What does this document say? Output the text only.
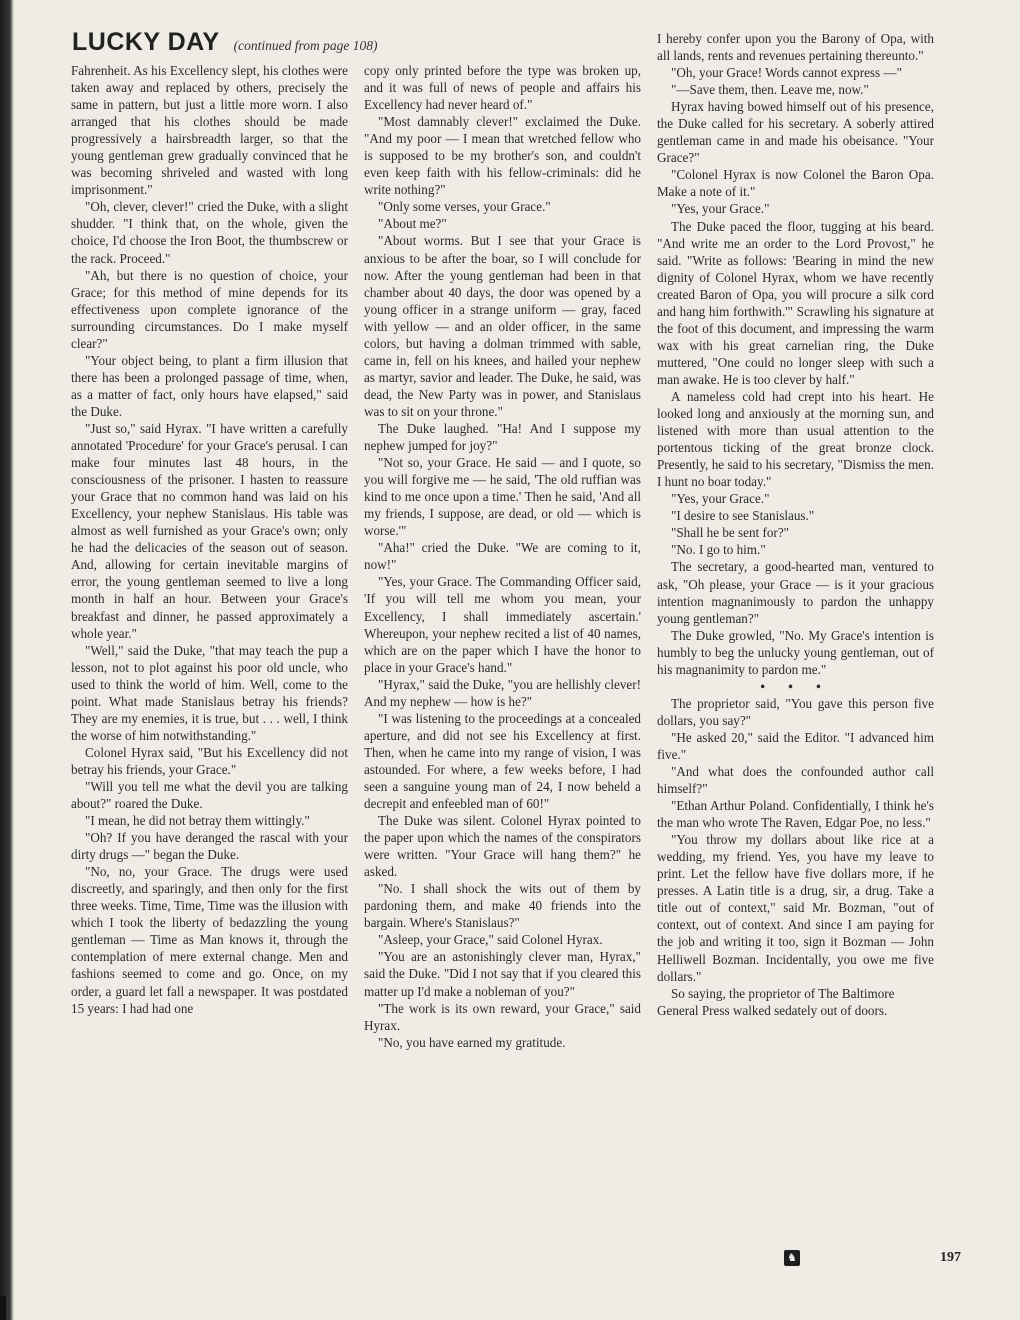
LUCKY DAY (continued from page 108)

Fahrenheit. As his Excellency slept, his clothes were taken away and replaced by others, precisely the same in pattern, but just a little more worn. I also arranged that his clothes should be made progressively a hairsbreadth larger, so that the young gentleman grew gradually convinced that he was becoming shriveled and wasted with long imprisonment."

"Oh, clever, clever!" cried the Duke, with a slight shudder. "I think that, on the whole, given the choice, I'd choose the Iron Boot, the thumbscrew or the rack. Proceed."

"Ah, but there is no question of choice, your Grace; for this method of mine depends for its effectiveness upon complete ignorance of the surrounding circumstances. Do I make myself clear?"

"Your object being, to plant a firm illusion that there has been a prolonged passage of time, when, as a matter of fact, only hours have elapsed," said the Duke.

"Just so," said Hyrax. "I have written a carefully annotated 'Procedure' for your Grace's perusal. I can make four minutes last 48 hours, in the consciousness of the prisoner. I hasten to reassure your Grace that no common hand was laid on his Excellency, your nephew Stanislaus. His table was almost as well furnished as your Grace's own; only he had the delicacies of the season out of season. And, allowing for certain inevitable margins of error, the young gentleman seemed to live a long month in half an hour. Between your Grace's breakfast and dinner, he passed approximately a whole year."

"Well," said the Duke, "that may teach the pup a lesson, not to plot against his poor old uncle, who used to think the world of him. Well, come to the point. What made Stanislaus betray his friends? They are my enemies, it is true, but . . . well, I think the worse of him notwithstanding."

Colonel Hyrax said, "But his Excellency did not betray his friends, your Grace."

"Will you tell me what the devil you are talking about?" roared the Duke.

"I mean, he did not betray them wittingly."

"Oh? If you have deranged the rascal with your dirty drugs —" began the Duke.

"No, no, your Grace. The drugs were used discreetly, and sparingly, and then only for the first three weeks. Time, Time, Time was the illusion with which I took the liberty of bedazzling the young gentleman — Time as Man knows it, through the contemplation of mere external change. Men and fashions seemed to come and go. Once, on my order, a guard let fall a newspaper. It was postdated 15 years: I had had one

copy only printed before the type was broken up, and it was full of news of people and affairs his Excellency had never heard of."

"Most damnably clever!" exclaimed the Duke. "And my poor — I mean that wretched fellow who is supposed to be my brother's son, and couldn't even keep faith with his fellow-criminals: did he write nothing?"

"Only some verses, your Grace."

"About me?"

"About worms. But I see that your Grace is anxious to be after the boar, so I will conclude for now. After the young gentleman had been in that chamber about 40 days, the door was opened by a young officer in a strange uniform — gray, faced with yellow — and an older officer, in the same colors, but having a dolman trimmed with sable, came in, fell on his knees, and hailed your nephew as martyr, savior and leader. The Duke, he said, was dead, the New Party was in power, and Stanislaus was to sit on your throne."

The Duke laughed. "Ha! And I suppose my nephew jumped for joy?"

"Not so, your Grace. He said — and I quote, so you will forgive me — he said, 'The old ruffian was kind to me once upon a time.' Then he said, 'And all my friends, I suppose, are dead, or old — which is worse.'"

"Aha!" cried the Duke. "We are coming to it, now!"

"Yes, your Grace. The Commanding Officer said, 'If you will tell me whom you mean, your Excellency, I shall immediately ascertain.' Whereupon, your nephew recited a list of 40 names, which are on the paper which I have the honor to place in your Grace's hand."

"Hyrax," said the Duke, "you are hellishly clever! And my nephew — how is he?"

"I was listening to the proceedings at a concealed aperture, and did not see his Excellency at first. Then, when he came into my range of vision, I was astounded. For where, a few weeks before, I had seen a sanguine young man of 24, I now beheld a decrepit and enfeebled man of 60!"

The Duke was silent. Colonel Hyrax pointed to the paper upon which the names of the conspirators were written. "Your Grace will hang them?" he asked.

"No. I shall shock the wits out of them by pardoning them, and make 40 friends into the bargain. Where's Stanislaus?"

"Asleep, your Grace," said Colonel Hyrax.

"You are an astonishingly clever man, Hyrax," said the Duke. "Did I not say that if you cleared this matter up I'd make a nobleman of you?"

"The work is its own reward, your Grace," said Hyrax.

"No, you have earned my gratitude.

I hereby confer upon you the Barony of Opa, with all lands, rents and revenues pertaining thereunto."

"Oh, your Grace! Words cannot express —"

"—Save them, then. Leave me, now."

Hyrax having bowed himself out of his presence, the Duke called for his secretary. A soberly attired gentleman came in and made his obeisance. "Your Grace?"

"Colonel Hyrax is now Colonel the Baron Opa. Make a note of it."

"Yes, your Grace."

The Duke paced the floor, tugging at his beard. "And write me an order to the Lord Provost," he said. "Write as follows: 'Bearing in mind the new dignity of Colonel Hyrax, whom we have recently created Baron of Opa, you will procure a silk cord and hang him forthwith.'" Scrawling his signature at the foot of this document, and impressing the warm wax with his great carnelian ring, the Duke muttered, "One could no longer sleep with such a man awake. He is too clever by half."

A nameless cold had crept into his heart. He looked long and anxiously at the morning sun, and listened with more than usual attention to the portentous ticking of the great bronze clock. Presently, he said to his secretary, "Dismiss the men. I hunt no boar today."

"Yes, your Grace."

"I desire to see Stanislaus."

"Shall he be sent for?"

"No. I go to him."

The secretary, a good-hearted man, ventured to ask, "Oh please, your Grace — is it your gracious intention magnanimously to pardon the unhappy young gentleman?"

The Duke growled, "No. My Grace's intention is humbly to beg the unlucky young gentleman, out of his magnanimity to pardon me."

• • •

The proprietor said, "You gave this person five dollars, you say?"

"He asked 20," said the Editor. "I advanced him five."

"And what does the confounded author call himself?"

"Ethan Arthur Poland. Confidentially, I think he's the man who wrote The Raven, Edgar Poe, no less."

"You throw my dollars about like rice at a wedding, my friend. Yes, you have my leave to print. Let the fellow have five dollars more, if he presses. A Latin title is a drug, sir, a drug. Take a title out of context," said Mr. Bozman, "out of context, out of context. And since I am paying for the job and writing it too, sign it Bozman — John Helliwell Bozman. Incidentally, you owe me five dollars."

So saying, the proprietor of The Baltimore General Press walked sedately out of doors.

♞	197
